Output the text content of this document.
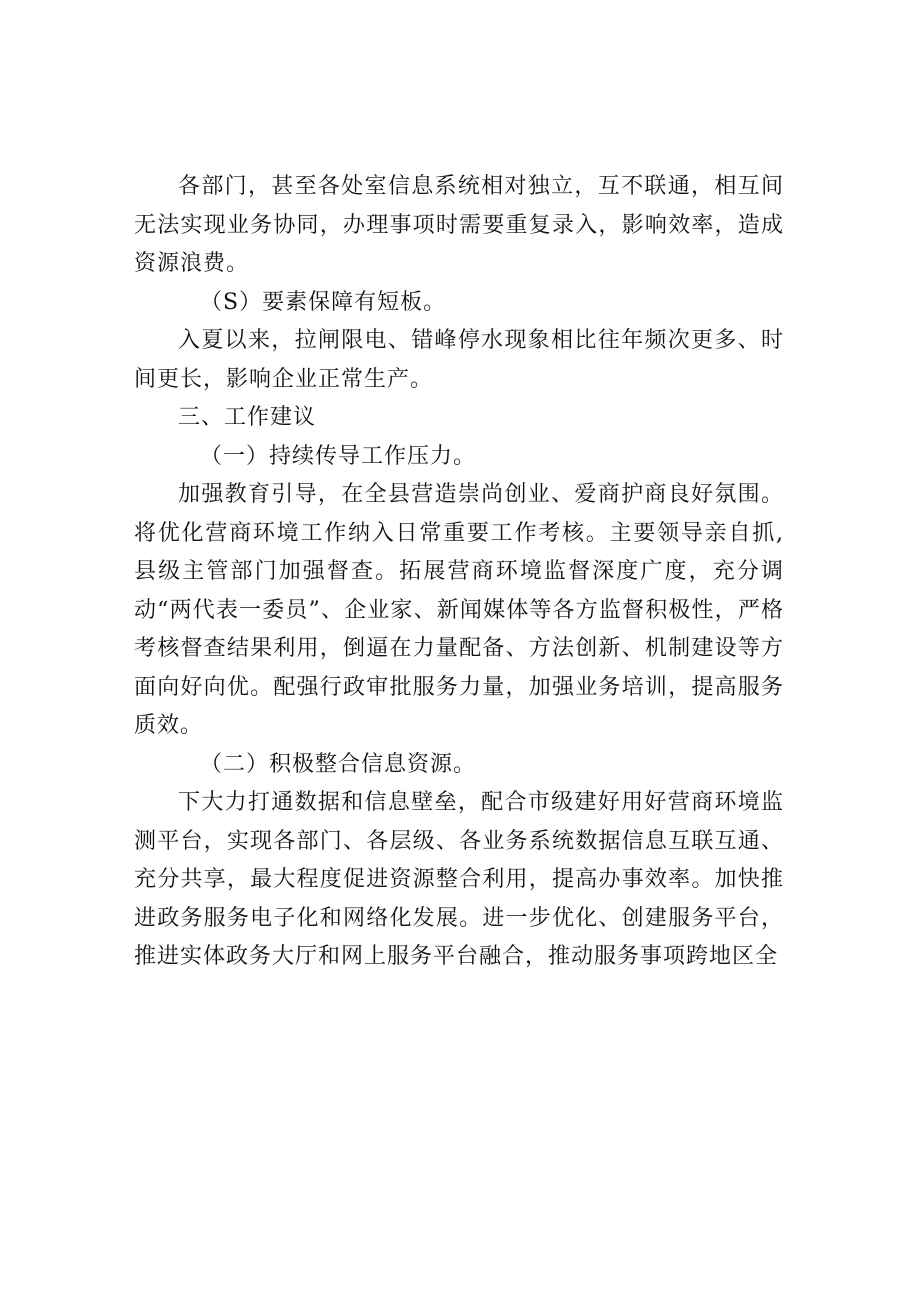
各部门，甚至各处室信息系统相对独立，互不联通，相互间无法实现业务协同，办理事项时需要重复录入，影响效率，造成资源浪费。

（S）要素保障有短板。

入夏以来，拉闸限电、错峰停水现象相比往年频次更多、时间更长，影响企业正常生产。

三、工作建议

（一）持续传导工作压力。

加强教育引导，在全县营造崇尚创业、爱商护商良好氛围。将优化营商环境工作纳入日常重要工作考核。主要领导亲自抓,县级主管部门加强督查。拓展营商环境监督深度广度，充分调动“两代表一委员”、企业家、新闻媒体等各方监督积极性，严格考核督查结果利用，倒逼在力量配备、方法创新、机制建设等方面向好向优。配强行政审批服务力量，加强业务培训，提高服务质效。

（二）积极整合信息资源。

下大力打通数据和信息壁垒，配合市级建好用好营商环境监测平台，实现各部门、各层级、各业务系统数据信息互联互通、充分共享，最大程度促进资源整合利用，提高办事效率。加快推进政务服务电子化和网络化发展。进一步优化、创建服务平台，推进实体政务大厅和网上服务平台融合，推动服务事项跨地区全
